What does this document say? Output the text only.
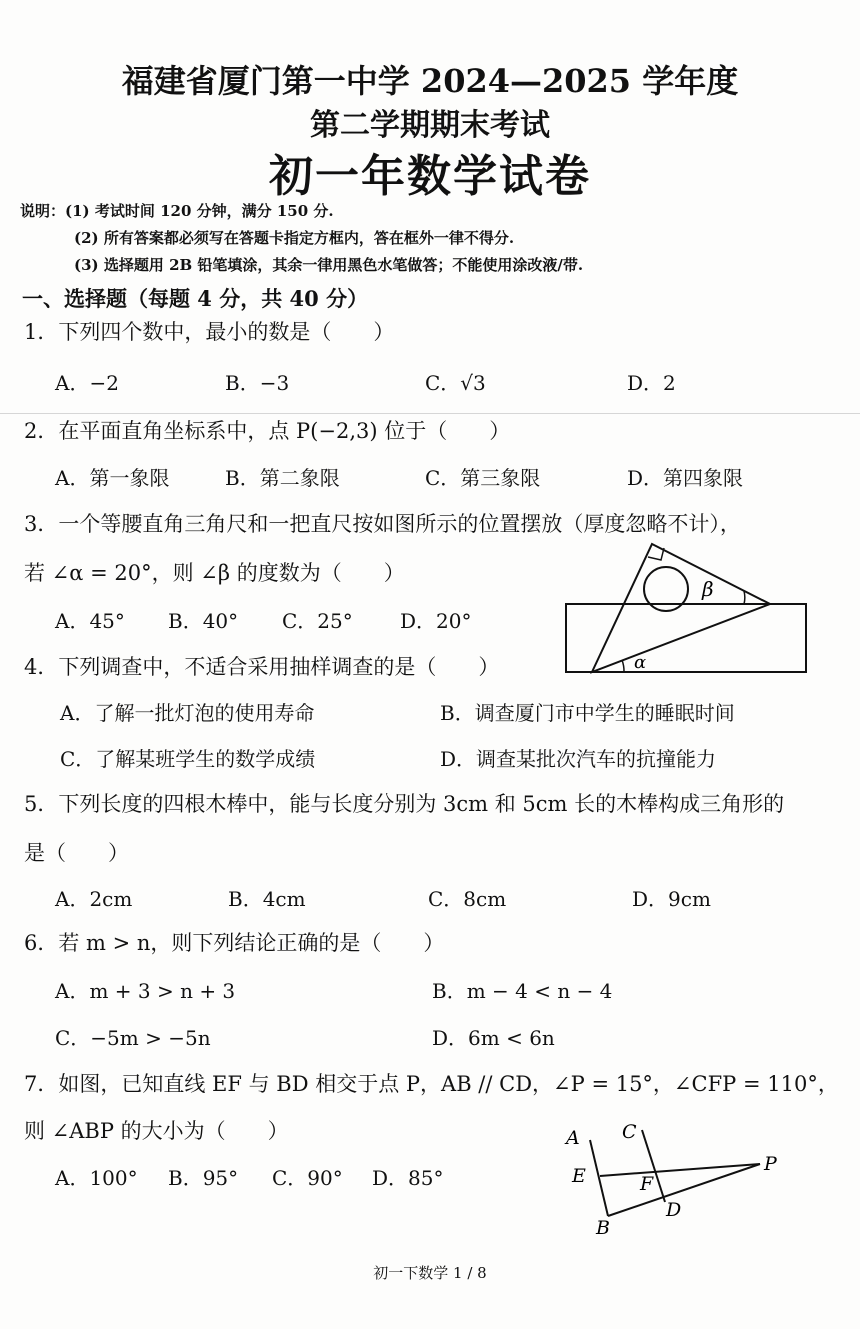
福建省厦门第一中学 2024—2025 学年度
第二学期期末考试
初一年数学试卷
说明：(1) 考试时间 120 分钟，满分 150 分.
(2) 所有答案都必须写在答题卡指定方框内，答在框外一律不得分.
(3) 选择题用 2B 铅笔填涂，其余一律用黑色水笔做答；不能使用涂改液/带.
一、选择题（每题 4 分，共 40 分）
1．下列四个数中，最小的数是（　　）
A．−2	B．−3	C．√3	D．2
2．在平面直角坐标系中，点 P(−2,3) 位于（　　）
A．第一象限	B．第二象限	C．第三象限	D．第四象限
3．一个等腰直角三角尺和一把直尺按如图所示的位置摆放（厚度忽略不计），
若 ∠α = 20°，则 ∠β 的度数为（　　）
A．45° B．40° C．25° D．20°
β
α
4．下列调查中，不适合采用抽样调查的是（　　）
A．了解一批灯泡的使用寿命	B．调查厦门市中学生的睡眠时间
C．了解某班学生的数学成绩	D．调查某批次汽车的抗撞能力
5．下列长度的四根木棒中，能与长度分别为 3cm 和 5cm 长的木棒构成三角形的
是（　　）
A．2cm	B．4cm	C．8cm	D．9cm
6．若 m > n，则下列结论正确的是（　　）
A．m + 3 > n + 3	B．m − 4 < n − 4
C．−5m > −5n	D．6m < 6n
7．如图，已知直线 EF 与 BD 相交于点 P，AB // CD，∠P = 15°，∠CFP = 110°，
则 ∠ABP 的大小为（　　）
A．100° B．95° C．90° D．85°
A C
E	F
P
B
D
初一下数学 1 / 8
